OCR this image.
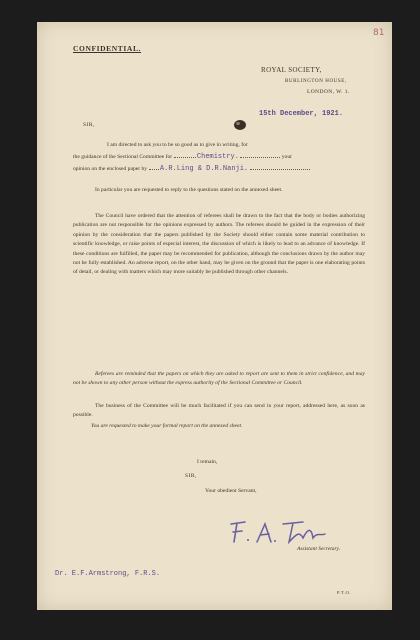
81
CONFIDENTIAL.
ROYAL SOCIETY,
BURLINGTON HOUSE,
LONDON, W. 1.
15th December, 1921.
SIR,
I am directed to ask you to be so good as to give in writing, for
the guidance of the Sectional Committee for	Chemistry.	your
opinion on the enclosed paper by A.R.Ling & D.R.Nanji.
In particular you are requested to reply to the questions stated on the annexed sheet.
The Council have ordered that the attention of referees shall be drawn to the fact that the body or bodies authorizing publication are not responsible for the opinions expressed by authors. The referees should be guided in the expression of their opinion by the consideration that the papers published by the Society should either contain some material contribution to scientific knowledge, or raise points of especial interest, the discussion of which is likely to lead to an advance of knowledge. If these conditions are fulfilled, the paper may be recommended for publication, although the conclusions drawn by the author may not be fully established. An adverse report, on the other hand, may be given on the ground that the paper is one elaborating points of detail, or dealing with matters which may more suitably be published through other channels.
Referees are reminded that the papers on which they are asked to report are sent to them in strict confidence, and may not be shown to any other person without the express authority of the Sectional Committee or Council.
The business of the Committee will be much facilitated if you can send in your report, addressed here, as soon as possible.
You are requested to make your formal report on the annexed sheet.
I remain,
SIR,
Your obedient Servant,
Assistant Secretary.
Dr. E.F.Armstrong, F.R.S.
P.T.O.
